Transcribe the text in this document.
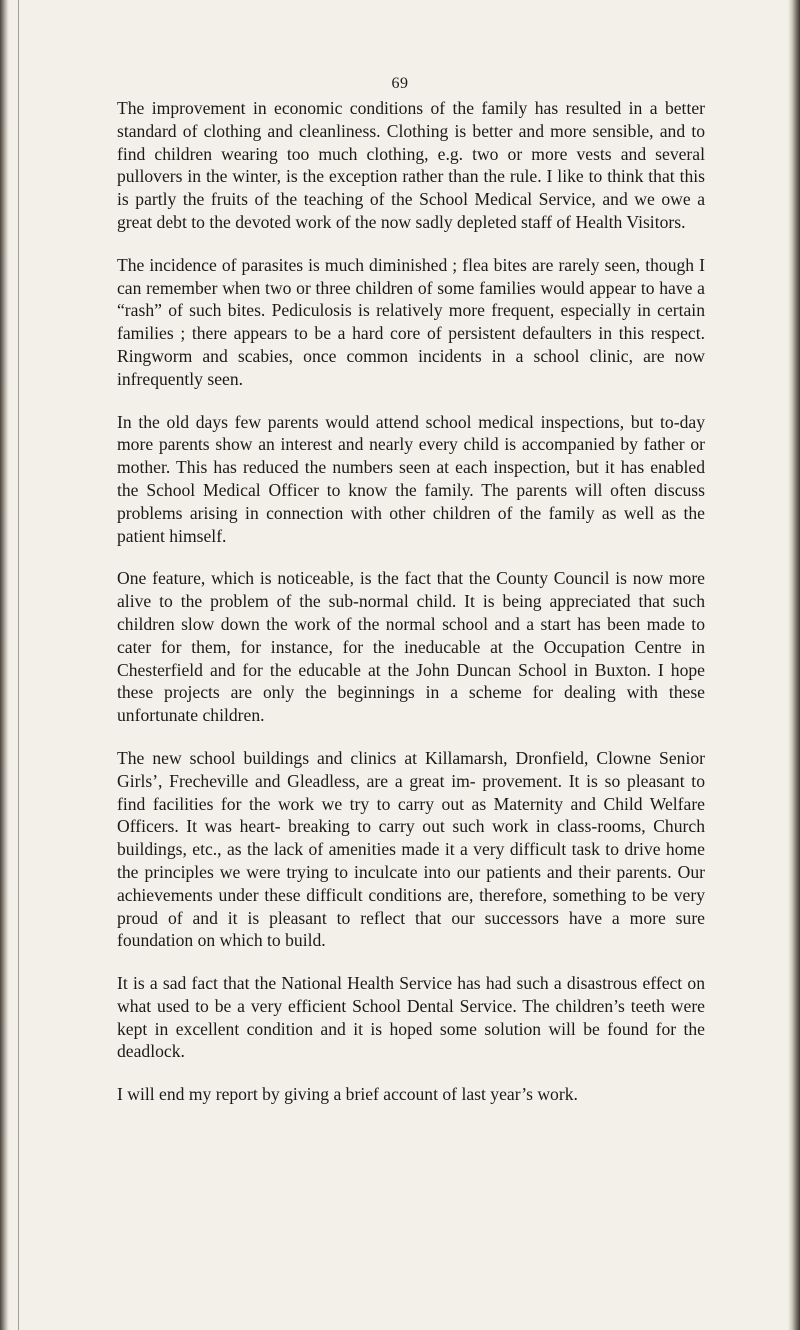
69

The improvement in economic conditions of the family has resulted in a better standard of clothing and cleanliness. Clothing is better and more sensible, and to find children wearing too much clothing, e.g. two or more vests and several pullovers in the winter, is the exception rather than the rule. I like to think that this is partly the fruits of the teaching of the School Medical Service, and we owe a great debt to the devoted work of the now sadly depleted staff of Health Visitors.

The incidence of parasites is much diminished ; flea bites are rarely seen, though I can remember when two or three children of some families would appear to have a “rash” of such bites. Pediculosis is relatively more frequent, especially in certain families ; there appears to be a hard core of persistent defaulters in this respect. Ringworm and scabies, once common incidents in a school clinic, are now infrequently seen.

In the old days few parents would attend school medical inspections, but to-day more parents show an interest and nearly every child is accompanied by father or mother. This has reduced the numbers seen at each inspection, but it has enabled the School Medical Officer to know the family. The parents will often discuss problems arising in connection with other children of the family as well as the patient himself.

One feature, which is noticeable, is the fact that the County Council is now more alive to the problem of the sub-normal child. It is being appreciated that such children slow down the work of the normal school and a start has been made to cater for them, for instance, for the ineducable at the Occupation Centre in Chesterfield and for the educable at the John Duncan School in Buxton. I hope these projects are only the beginnings in a scheme for dealing with these unfortunate children.

The new school buildings and clinics at Killamarsh, Dronfield, Clowne Senior Girls’, Frecheville and Gleadless, are a great im- provement. It is so pleasant to find facilities for the work we try to carry out as Maternity and Child Welfare Officers. It was heart- breaking to carry out such work in class-rooms, Church buildings, etc., as the lack of amenities made it a very difficult task to drive home the principles we were trying to inculcate into our patients and their parents. Our achievements under these difficult conditions are, therefore, something to be very proud of and it is pleasant to reflect that our successors have a more sure foundation on which to build.

It is a sad fact that the National Health Service has had such a disastrous effect on what used to be a very efficient School Dental Service. The children’s teeth were kept in excellent condition and it is hoped some solution will be found for the deadlock.

I will end my report by giving a brief account of last year’s work.
